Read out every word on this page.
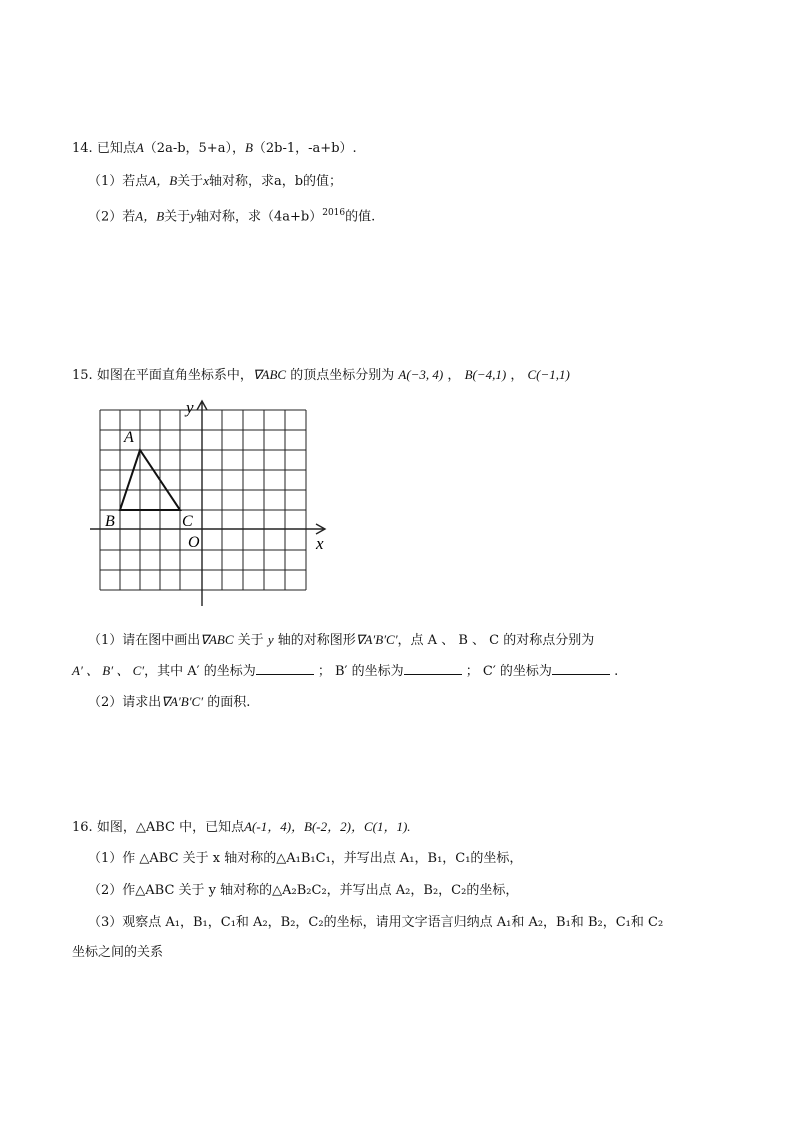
14. 已知点A（2a-b，5+a），B（2b-1，-a+b）.
（1）若点A，B关于x轴对称，求a，b的值；
（2）若A，B关于y轴对称，求$(4a+b)^{2016}$的值.
15. 如图在平面直角坐标系中，∇ABC 的顶点坐标分别为 A(−3, 4) ， B(−4,1) ， C(−1,1)
y
x
O
A
B	C
（1）请在图中画出∇ABC 关于 y 轴的对称图形∇A′B′C′，点 A 、 B 、 C 的对称点分别为
A′ 、 B′ 、 C′，其中 A′ 的坐标为	； B′ 的坐标为	； C′ 的坐标为	.
（2）请求出∇A′B′C′ 的面积.
16. 如图，△ABC 中，已知点A(-1，4)，B(-2，2)，C(1，1).
（1）作 △ABC 关于 x 轴对称的△A₁B₁C₁，并写出点 A₁，B₁，C₁的坐标，
（2）作△ABC 关于 y 轴对称的△A₂B₂C₂，并写出点 A₂，B₂，C₂的坐标，
（3）观察点 A₁，B₁，C₁和 A₂，B₂，C₂的坐标，请用文字语言归纳点 A₁和 A₂，B₁和 B₂，C₁和 C₂
坐标之间的关系
